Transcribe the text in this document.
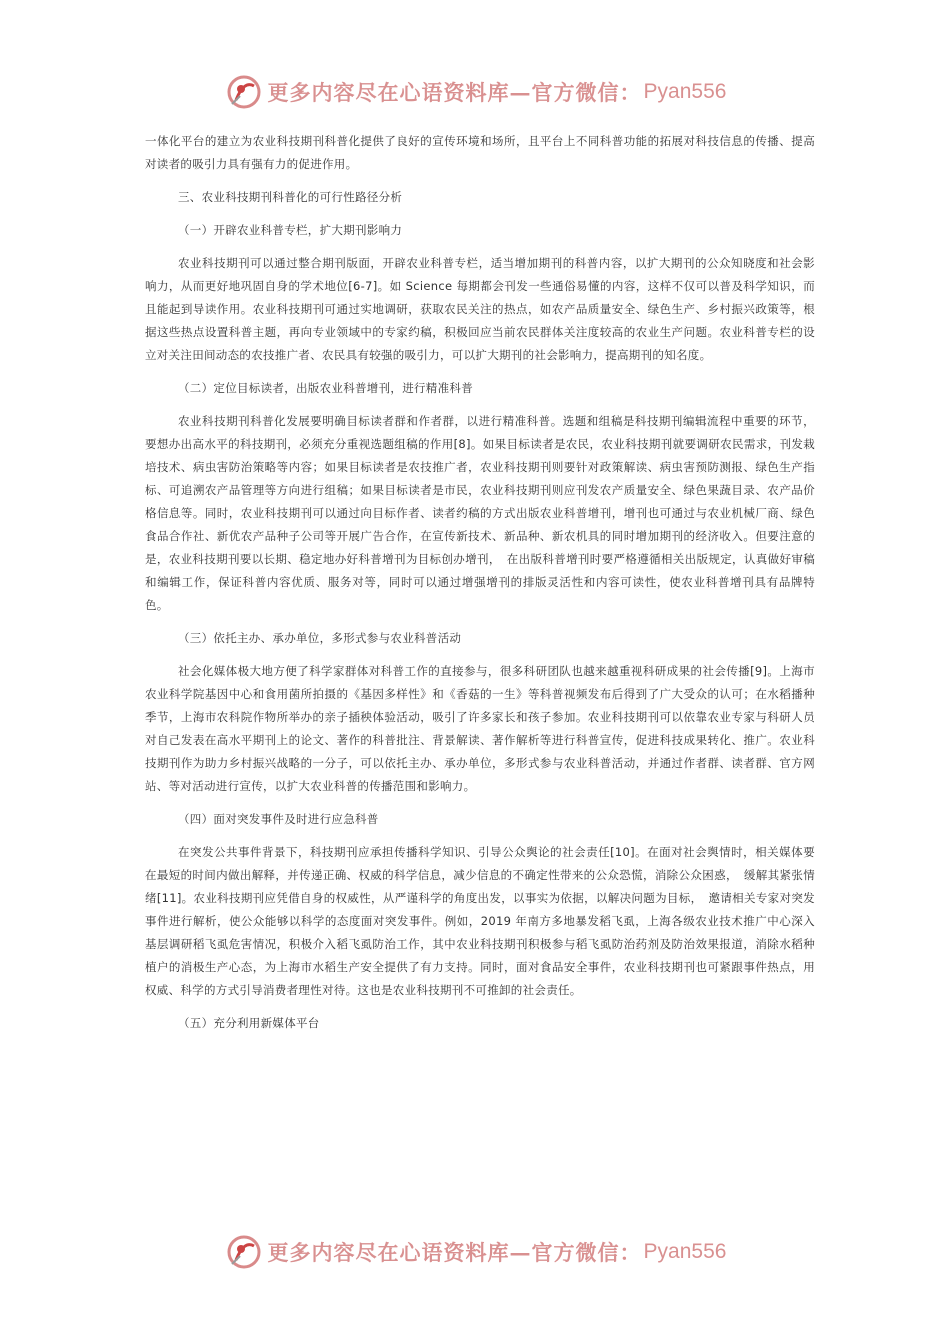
更多内容尽在心语资料库—官方微信： Pyan556

一体化平台的建立为农业科技期刊科普化提供了良好的宣传环境和场所，且平台上不同科普功能的拓展对科技信息的传播、提高对读者的吸引力具有强有力的促进作用。

三、农业科技期刊科普化的可行性路径分析

（一）开辟农业科普专栏，扩大期刊影响力

农业科技期刊可以通过整合期刊版面，开辟农业科普专栏，适当增加期刊的科普内容，以扩大期刊的公众知晓度和社会影响力，从而更好地巩固自身的学术地位[6-7]。如 Science 每期都会刊发一些通俗易懂的内容，这样不仅可以普及科学知识，而且能起到导读作用。农业科技期刊可通过实地调研，获取农民关注的热点，如农产品质量安全、绿色生产、乡村振兴政策等，根据这些热点设置科普主题，再向专业领域中的专家约稿，积极回应当前农民群体关注度较高的农业生产问题。农业科普专栏的设立对关注田间动态的农技推广者、农民具有较强的吸引力，可以扩大期刊的社会影响力，提高期刊的知名度。

（二）定位目标读者，出版农业科普增刊，进行精准科普

农业科技期刊科普化发展要明确目标读者群和作者群，以进行精准科普。选题和组稿是科技期刊编辑流程中重要的环节，要想办出高水平的科技期刊，必须充分重视选题组稿的作用[8]。如果目标读者是农民，农业科技期刊就要调研农民需求，刊发栽培技术、病虫害防治策略等内容；如果目标读者是农技推广者，农业科技期刊则要针对政策解读、病虫害预防测报、绿色生产指标、可追溯农产品管理等方向进行组稿；如果目标读者是市民，农业科技期刊则应刊发农产质量安全、绿色果蔬目录、农产品价格信息等。同时，农业科技期刊可以通过向目标作者、读者约稿的方式出版农业科普增刊，增刊也可通过与农业机械厂商、绿色食品合作社、新优农产品种子公司等开展广告合作，在宣传新技术、新品种、新农机具的同时增加期刊的经济收入。但要注意的是，农业科技期刊要以长期、稳定地办好科普增刊为目标创办增刊，　在出版科普增刊时要严格遵循相关出版规定，认真做好审稿和编辑工作，保证科普内容优质、服务对等，同时可以通过增强增刊的排版灵活性和内容可读性，使农业科普增刊具有品牌特色。

（三）依托主办、承办单位，多形式参与农业科普活动

社会化媒体极大地方便了科学家群体对科普工作的直接参与，很多科研团队也越来越重视科研成果的社会传播[9]。上海市农业科学院基因中心和食用菌所拍摄的《基因多样性》和《香菇的一生》等科普视频发布后得到了广大受众的认可；在水稻播种季节，上海市农科院作物所举办的亲子插秧体验活动，吸引了许多家长和孩子参加。农业科技期刊可以依靠农业专家与科研人员对自己发表在高水平期刊上的论文、著作的科普批注、背景解读、著作解析等进行科普宣传，促进科技成果转化、推广。农业科技期刊作为助力乡村振兴战略的一分子，可以依托主办、承办单位，多形式参与农业科普活动，并通过作者群、读者群、官方网站、等对活动进行宣传，以扩大农业科普的传播范围和影响力。

（四）面对突发事件及时进行应急科普

在突发公共事件背景下，科技期刊应承担传播科学知识、引导公众舆论的社会责任[10]。在面对社会舆情时，相关媒体要在最短的时间内做出解释，并传递正确、权威的科学信息，减少信息的不确定性带来的公众恐慌，消除公众困惑，　缓解其紧张情绪[11]。农业科技期刊应凭借自身的权威性，从严谨科学的角度出发，以事实为依据，以解决问题为目标，　邀请相关专家对突发事件进行解析，使公众能够以科学的态度面对突发事件。例如，2019 年南方多地暴发稻飞虱，上海各级农业技术推广中心深入基层调研稻飞虱危害情况，积极介入稻飞虱防治工作，其中农业科技期刊积极参与稻飞虱防治药剂及防治效果报道，消除水稻种植户的消极生产心态，为上海市水稻生产安全提供了有力支持。同时，面对食品安全事件，农业科技期刊也可紧跟事件热点，用权威、科学的方式引导消费者理性对待。这也是农业科技期刊不可推卸的社会责任。

（五）充分利用新媒体平台

更多内容尽在心语资料库—官方微信： Pyan556
